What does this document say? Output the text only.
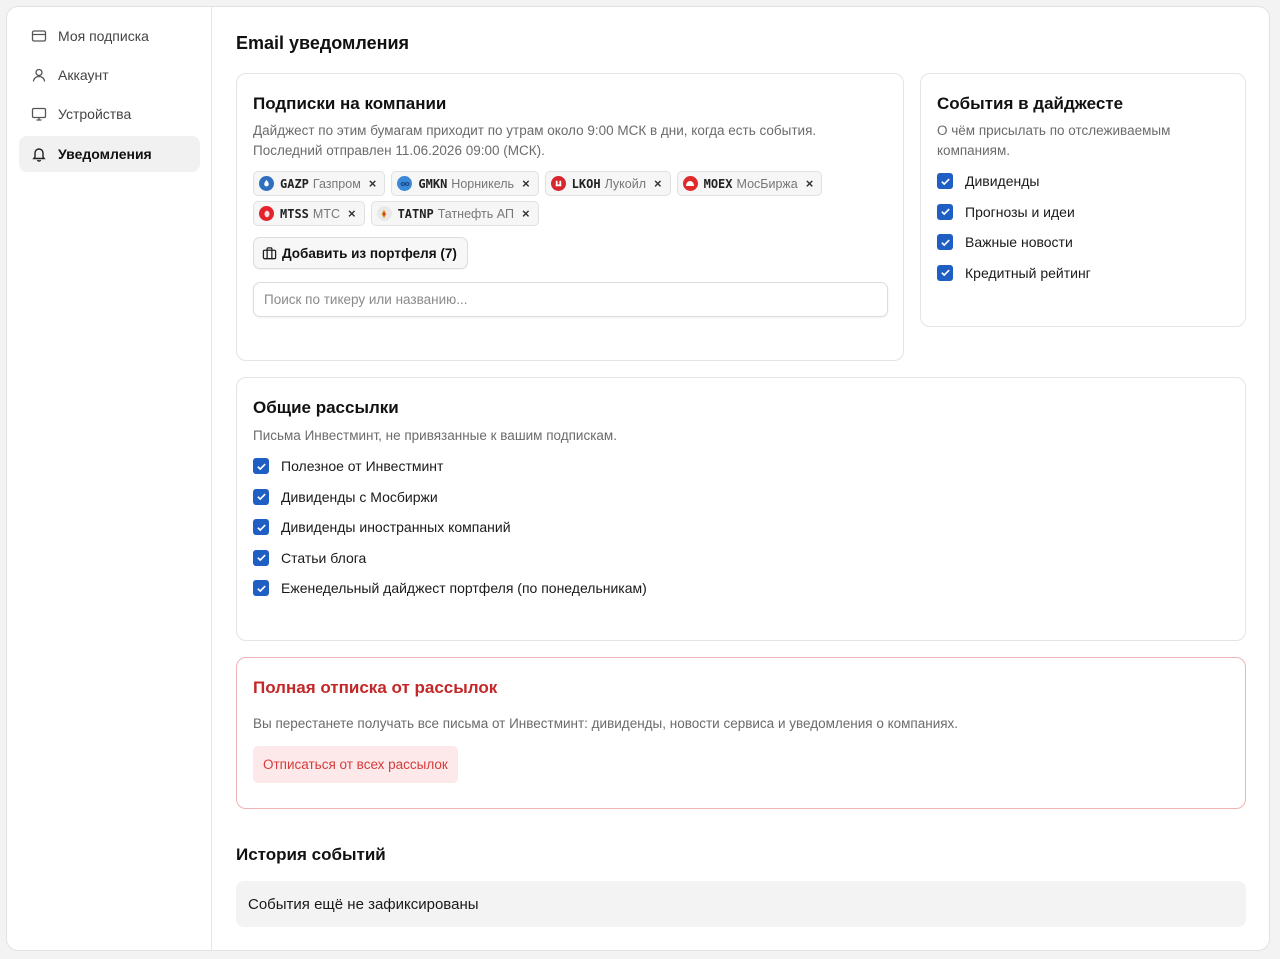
Моя подписка
Аккаунт
Устройства
Уведомления
Email уведомления
Подписки на компании
Дайджест по этим бумагам приходит по утрам около 9:00 МСК в дни, когда есть события.
Последний отправлен 11.06.2026 09:00 (МСК).
GAZP Газпром ×	GMKN Норникель ×	LKOH Лукойл ×	MOEX МосБиржа ×
MTSS МТС ×	TATNP Татнефть АП ×
Добавить из портфеля (7)
Поиск по тикеру или названию...
События в дайджесте
О чём присылать по отслеживаемым
компаниям.
Дивиденды
Прогнозы и идеи
Важные новости
Кредитный рейтинг
Общие рассылки
Письма Инвестминт, не привязанные к вашим подпискам.
Полезное от Инвестминт
Дивиденды с Мосбиржи
Дивиденды иностранных компаний
Статьи блога
Еженедельный дайджест портфеля (по понедельникам)
Полная отписка от рассылок
Вы перестанете получать все письма от Инвестминт: дивиденды, новости сервиса и уведомления о компаниях.
Отписаться от всех рассылок
История событий
События ещё не зафиксированы
